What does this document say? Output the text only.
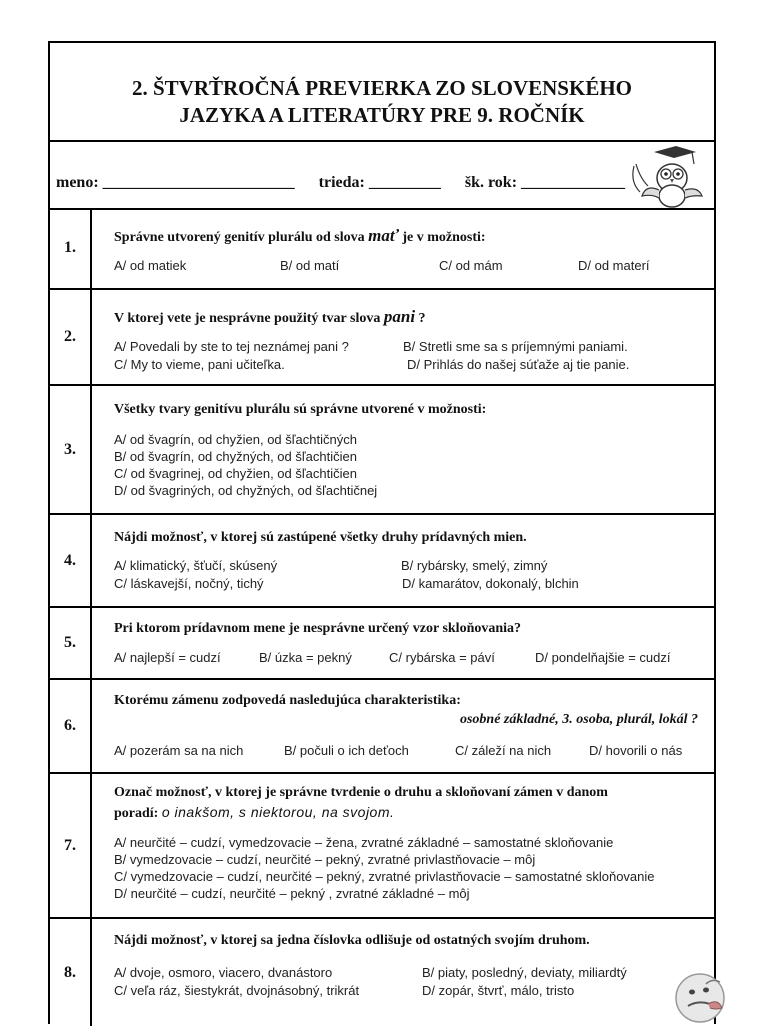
2. ŠTVRŤROČNÁ PREVIERKA ZO SLOVENSKÉHO
JAZYKA A LITERATÚRY PRE 9. ROČNÍK
meno: ________________________ trieda: _________ šk. rok: _____________
1.
Správne utvorený genitív plurálu od slova mať je v možnosti:
A/ od matiek	B/ od matí	C/ od mám	D/ od materí
2.
V ktorej vete je nesprávne použitý tvar slova pani ?
A/ Povedali by ste to tej neznámej pani ?	B/ Stretli sme sa s príjemnými paniami.
C/ My to vieme, pani učiteľka.	D/ Prihlás do našej súťaže aj tie panie.
3.
Všetky tvary genitívu plurálu sú správne utvorené v možnosti:
A/ od švagrín, od chyžien, od šľachtičných
B/ od švagrín, od chyžných, od šľachtičien
C/ od švagrinej, od chyžien, od šľachtičien
D/ od švagriných, od chyžných, od šľachtičnej
4.
Nájdi možnosť, v ktorej sú zastúpené všetky druhy prídavných mien.
A/ klimatický, šťučí, skúsený	B/ rybársky, smelý, zimný
C/ láskavejší, nočný, tichý	D/ kamarátov, dokonalý, blchin
5.
Pri ktorom prídavnom mene je nesprávne určený vzor skloňovania?
A/ najlepší = cudzí	B/ úzka = pekný	C/ rybárska = páví	D/ pondelňajšie = cudzí
6.
Ktorému zámenu zodpovedá nasledujúca charakteristika:
osobné základné, 3. osoba, plurál, lokál ?
A/ pozerám sa na nich	B/ počuli o ich deťoch	C/ záleží na nich	D/ hovorili o nás
7.
Označ možnosť, v ktorej je správne tvrdenie o druhu a skloňovaní zámen v danom
poradí: o inakšom, s niektorou, na svojom.
A/ neurčité – cudzí, vymedzovacie – žena, zvratné základné – samostatné skloňovanie
B/ vymedzovacie – cudzí, neurčité – pekný, zvratné privlastňovacie – môj
C/ vymedzovacie – cudzí, neurčité – pekný, zvratné privlastňovacie – samostatné skloňovanie
D/ neurčité – cudzí, neurčité – pekný , zvratné základné – môj
8.
Nájdi možnosť, v ktorej sa jedna číslovka odlišuje od ostatných svojím druhom.
A/ dvoje, osmoro, viacero, dvanástoro	B/ piaty, posledný, deviaty, miliardtý
C/ veľa ráz, šiestykrát, dvojnásobný, trikrát	D/ zopár, štvrť, málo, tristo
